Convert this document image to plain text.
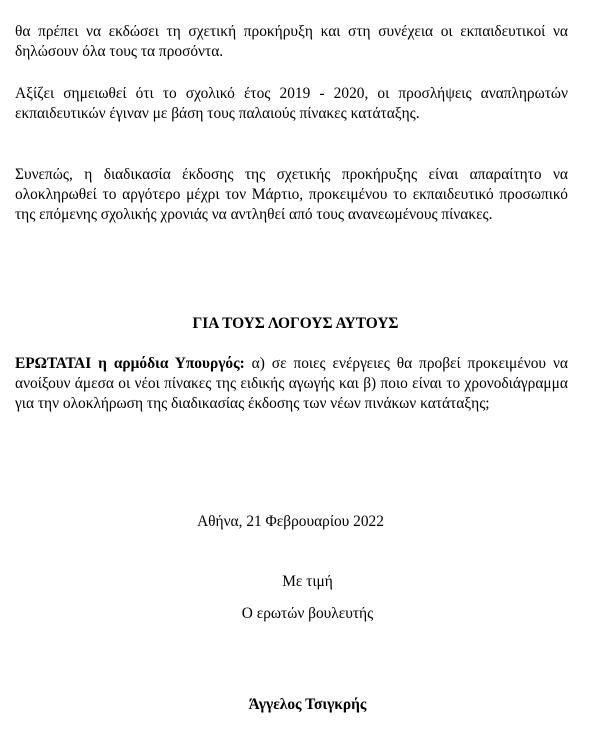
θα πρέπει να εκδώσει τη σχετική προκήρυξη και στη συνέχεια οι εκπαιδευτικοί να δηλώσουν όλα τους τα προσόντα.

Αξίζει σημειωθεί ότι το σχολικό έτος 2019 - 2020, οι προσλήψεις αναπληρωτών εκπαιδευτικών έγιναν με βάση τους παλαιούς πίνακες κατάταξης.

Συνεπώς, η διαδικασία έκδοσης της σχετικής προκήρυξης είναι απαραίτητο να ολοκληρωθεί το αργότερο μέχρι τον Μάρτιο, προκειμένου το εκπαιδευτικό προσωπικό της επόμενης σχολικής χρονιάς να αντληθεί από τους ανανεωμένους πίνακες.

ΓΙΑ ΤΟΥΣ ΛΟΓΟΥΣ ΑΥΤΟΥΣ

ΕΡΩΤΑΤΑΙ η αρμόδια Υπουργός: α) σε ποιες ενέργειες θα προβεί προκειμένου να ανοίξουν άμεσα οι νέοι πίνακες της ειδικής αγωγής και β) ποιο είναι το χρονοδιάγραμμα για την ολοκλήρωση της διαδικασίας έκδοσης των νέων πινάκων κατάταξης;

Αθήνα, 21 Φεβρουαρίου 2022
Με τιμή
Ο ερωτών βουλευτής
Άγγελος Τσιγκρής
